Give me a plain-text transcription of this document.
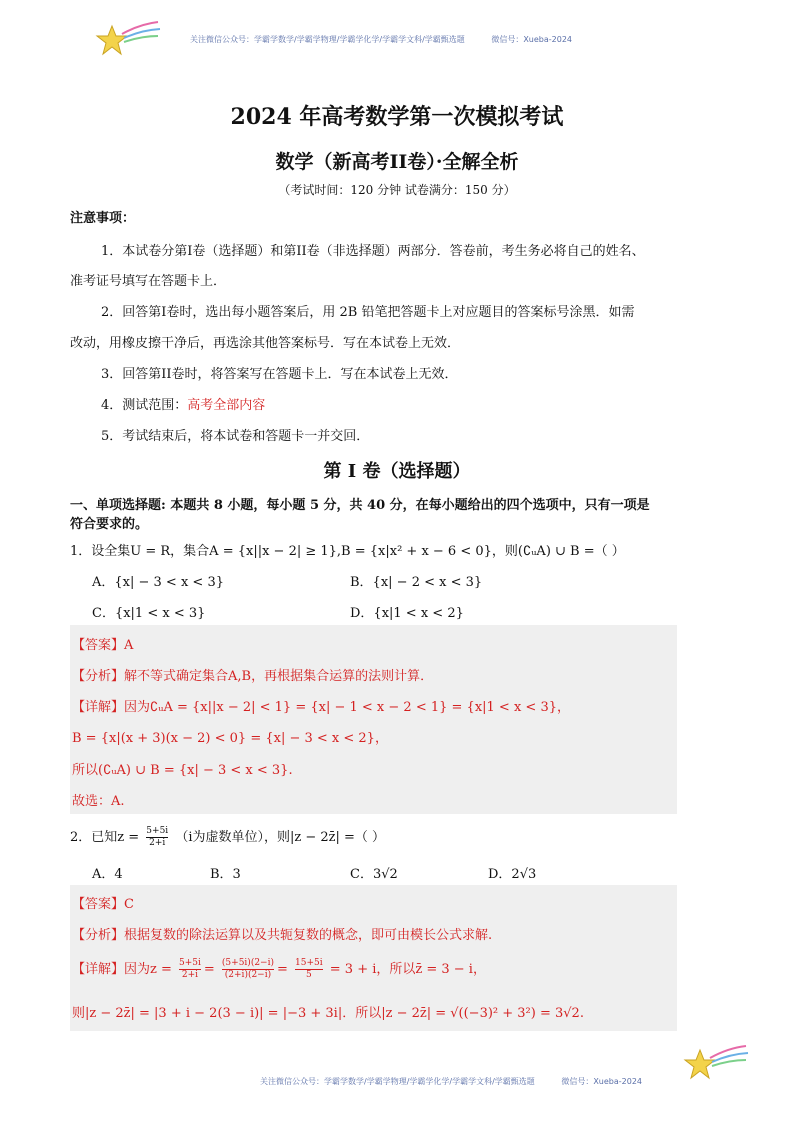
关注微信公众号：学霸学数学/学霸学物理/学霸学化学/学霸学文科/学霸甄选题	微信号：Xueba-2024
2024 年高考数学第一次模拟考试
数学（新高考II卷）·全解全析
（考试时间：120 分钟 试卷满分：150 分）
注意事项：
1．本试卷分第I卷（选择题）和第II卷（非选择题）两部分．答卷前，考生务必将自己的姓名、
准考证号填写在答题卡上．
2．回答第I卷时，选出每小题答案后，用 2B 铅笔把答题卡上对应题目的答案标号涂黑．如需
改动，用橡皮擦干净后，再选涂其他答案标号．写在本试卷上无效．
3．回答第II卷时，将答案写在答题卡上．写在本试卷上无效．
4．测试范围：高考全部内容
5．考试结束后，将本试卷和答题卡一并交回．
第 I 卷（选择题）
一、单项选择题: 本题共 8 小题，每小题 5 分，共 40 分，在每小题给出的四个选项中，只有一项是
符合要求的。
1．设全集U = R，集合A = {x||x − 2| ≥ 1},B = {x|x² + x − 6 < 0}，则(∁ᵤA) ∪ B =（ ）
A．{x| − 3 < x < 3}	B．{x| − 2 < x < 3}
C．{x|1 < x < 3}	D．{x|1 < x < 2}
【答案】A
【分析】解不等式确定集合A,B，再根据集合运算的法则计算．
【详解】因为∁ᵤA = {x||x − 2| < 1} = {x| − 1 < x − 2 < 1} = {x|1 < x < 3}，
B = {x|(x + 3)(x − 2) < 0} = {x| − 3 < x < 2}，
所以(∁ᵤA) ∪ B = {x| − 3 < x < 3}.
故选：A.
2．已知$z = \frac{5+5i}{2+i} (i$为虚数单位），则|z − 2z̄| =（ ）
A．4	B．3	C．3√2	D．2√3
【答案】C
【分析】根据复数的除法运算以及共轭复数的概念，即可由模长公式求解.
【详解】因为$z = \frac{5+5i}{2+i} = \frac{(5+5i)(2-i)}{(2+i)(2-i)} = \frac{15+5i}{5} = 3 + i$，所以z̄ = 3 − i，
则|z − 2z̄| = |3 + i − 2(3 − i)| = |−3 + 3i|．所以|z − 2z̄| = √((−3)² + 3²) = 3√2.
关注微信公众号：学霸学数学/学霸学物理/学霸学化学/学霸学文科/学霸甄选题	微信号：Xueba-2024
